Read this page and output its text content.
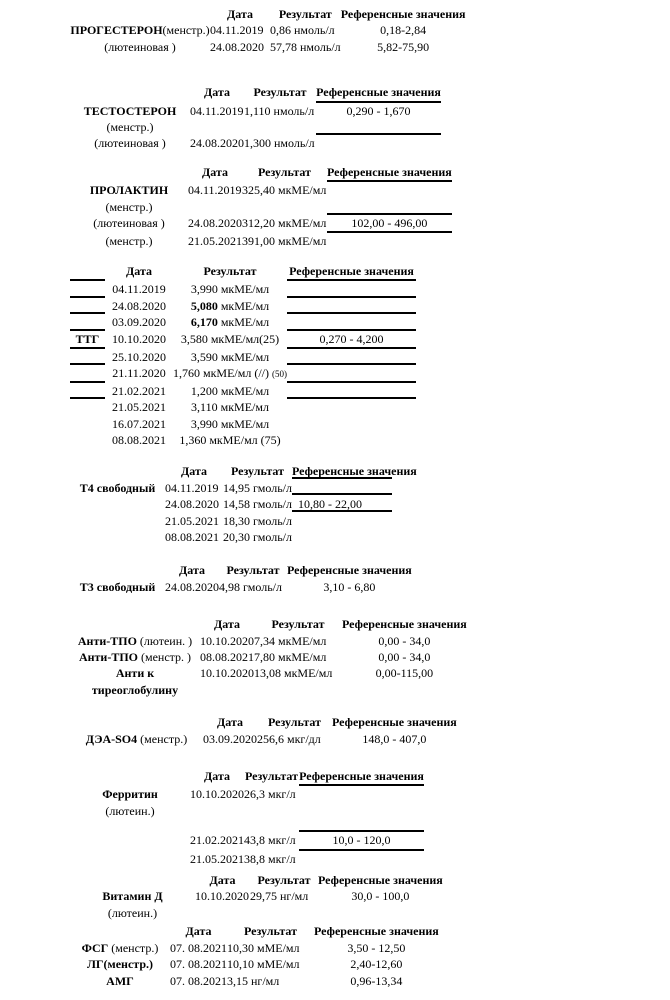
	Дата	Результат	Референсные значения
ПРОГЕСТЕРОН(менстр.)	04.11.2019	0,86 нмоль/л	0,18-2,84
(лютеиновая )	24.08.2020	57,78 нмоль/л	5,82-75,90
	Дата	Результат	Референсные значения
ТЕСТОСТЕРОН	04.11.2019	1,110 нмоль/л	0,290 - 1,670
(менстр.)			
(лютеиновая )	24.08.2020	1,300 нмоль/л	
	Дата	Результат	Референсные значения
ПРОЛАКТИН	04.11.2019	325,40 мкМЕ/мл	
(менстр.)			
(лютеиновая )	24.08.2020	312,20 мкМЕ/мл	102,00 - 496,00
(менстр.)	21.05.2021	391,00 мкМЕ/мл	
	Дата	Результат	Референсные значения
	04.11.2019	3,990 мкМЕ/мл	
	24.08.2020	5,080 мкМЕ/мл	
	03.09.2020	6,170 мкМЕ/мл	
ТТГ	10.10.2020	3,580 мкМЕ/мл(25)	0,270 - 4,200
	25.10.2020	3,590 мкМЕ/мл	
	21.11.2020	1,760 мкМЕ/мл (//) (50)	
	21.02.2021	1,200 мкМЕ/мл	
	21.05.2021	3,110 мкМЕ/мл	
	16.07.2021	3,990 мкМЕ/мл	
	08.08.2021	1,360 мкМЕ/мл (75)	
	Дата	Результат	Референсные значения
Т4 свободный	04.11.2019	14,95 гмоль/л	
	24.08.2020	14,58 гмоль/л	10,80 - 22,00
	21.05.2021	18,30 гмоль/л	
	08.08.2021	20,30 гмоль/л	
	Дата	Результат	Референсные значения
Т3 свободный	24.08.2020	4,98 гмоль/л	3,10 - 6,80
	Дата	Результат	Референсные значения
Анти-ТПО (лютеин. )	10.10.2020	7,34 мкМЕ/мл	0,00 - 34,0
Анти-ТПО (менстр. )	08.08.2021	7,80 мкМЕ/мл	0,00 - 34,0

Анти к
тиреоглобулину	10.10.2020	13,08 мкМЕ/мл	0,00-115,00
	Дата	Результат	Референсные значения
ДЭА-SO4 (менстр.)	03.09.2020	256,6 мкг/дл	148,0 - 407,0
	Дата	Результат	Референсные значения
Ферритин	10.10.2020	26,3 мкг/л	
(лютеин.)			

	21.02.2021	43,8 мкг/л	10,0 - 120,0
	21.05.2021	38,8 мкг/л	
	Дата	Результат	Референсные значения
Витамин Д	10.10.2020	29,75 нг/мл	30,0 - 100,0
(лютеин.)			
	Дата	Результат	Референсные значения
ФСГ (менстр.)	07. 08.2021	10,30 мМЕ/мл	3,50 - 12,50
ЛГ(менстр.)	07. 08.2021	10,10 мМЕ/мл	2,40-12,60
АМГ	07. 08.2021	3,15 нг/мл	0,96-13,34
